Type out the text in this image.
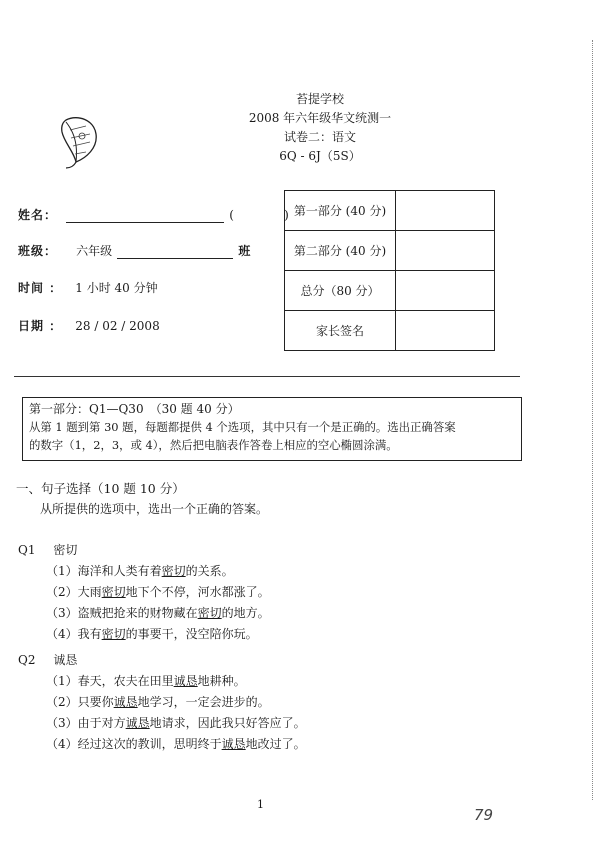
苔提学校
2008 年六年级华文统测一
试卷二：语文
6Q - 6J（5S）
姓名：	(	)
班级： 六年级	班
时间 ： 1 小时 40 分钟
日期 ： 28 / 02 / 2008
第一部分 (40 分)	
第二部分 (40 分)	
总分（80 分）	
家长签名	
第一部分：Q1—Q30　（30 题 40 分）
从第 1 题到第 30 题，每题都提供 4 个选项，其中只有一个是正确的。选出正确答案
的数字（1，2，3，或 4），然后把电脑表作答卷上相应的空心椭圆涂满。
一、句子选择（10 题 10 分）
从所提供的选项中，选出一个正确的答案。
Q1 密切
（1）海洋和人类有着密切的关系。
（2）大雨密切地下个不停，河水都涨了。
（3）盗贼把抢来的财物藏在密切的地方。
（4）我有密切的事要干，没空陪你玩。
Q2 诚恳
（1）春天，农夫在田里诚恳地耕种。
（2）只要你诚恳地学习，一定会进步的。
（3）由于对方诚恳地请求，因此我只好答应了。
（4）经过这次的教训，思明终于诚恳地改过了。
1
79
